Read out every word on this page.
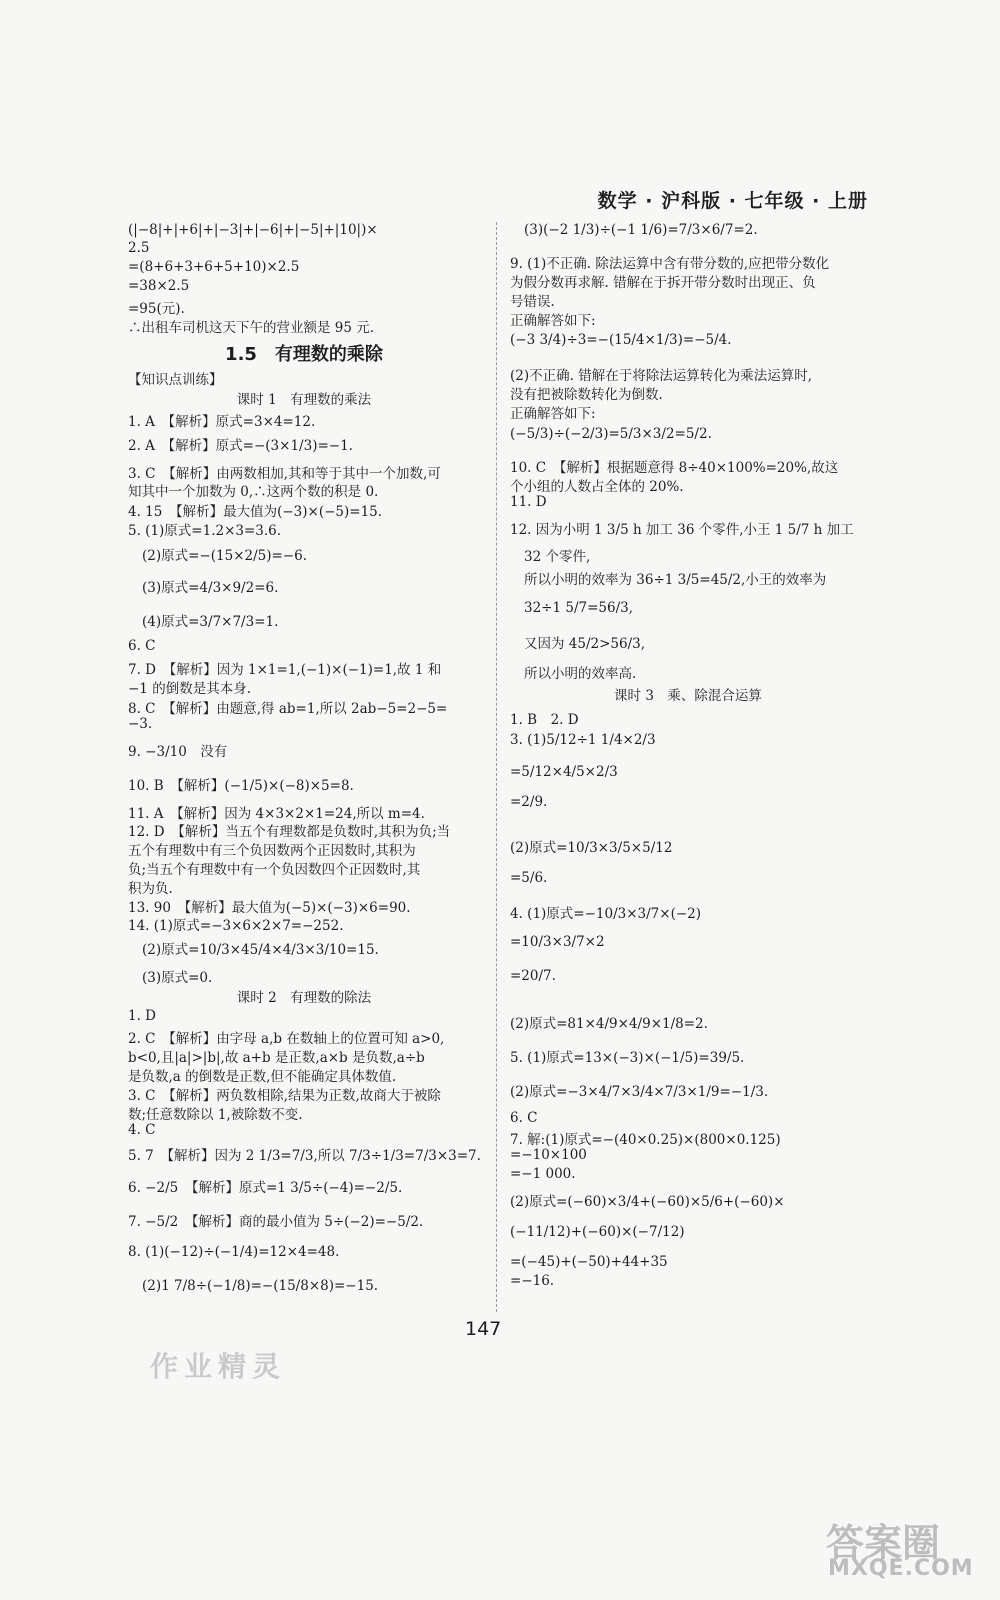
数学 · 沪科版 · 七年级 · 上册

(|−8|+|+6|+|−3|+|−6|+|−5|+|10|)×

2.5

=(8+6+3+6+5+10)×2.5

=38×2.5

=95(元).

∴出租车司机这天下午的营业额是 95 元.

1.5　有理数的乘除

【知识点训练】

课时 1　有理数的乘法

1. A　【解析】原式=3×4=12.

2. A　【解析】原式=−(3×1/3)=−1.

3. C　【解析】由两数相加,其和等于其中一个加数,可

知其中一个加数为 0,∴这两个数的积是 0.

4. 15　【解析】最大值为(−3)×(−5)=15.

5. (1)原式=1.2×3=3.6.

(2)原式=−(15×2/5)=−6.

(3)原式=4/3×9/2=6.

(4)原式=3/7×7/3=1.

6. C

7. D　【解析】因为 1×1=1,(−1)×(−1)=1,故 1 和

−1 的倒数是其本身.

8. C　【解析】由题意,得 ab=1,所以 2ab−5=2−5=

−3.

9. −3/10　没有

10. B　【解析】(−1/5)×(−8)×5=8.

11. A　【解析】因为 4×3×2×1=24,所以 m=4.

12. D　【解析】当五个有理数都是负数时,其积为负;当

五个有理数中有三个负因数两个正因数时,其积为

负;当五个有理数中有一个负因数四个正因数时,其

积为负.

13. 90　【解析】最大值为(−5)×(−3)×6=90.

14. (1)原式=−3×6×2×7=−252.

(2)原式=10/3×45/4×4/3×3/10=15.

(3)原式=0.

课时 2　有理数的除法

1. D

2. C　【解析】由字母 a,b 在数轴上的位置可知 a>0,

b<0,且|a|>|b|,故 a+b 是正数,a×b 是负数,a÷b

是负数,a 的倒数是正数,但不能确定具体数值.

3. C　【解析】两负数相除,结果为正数,故商大于被除

数;任意数除以 1,被除数不变.

4. C

5. 7　【解析】因为 2 1/3=7/3,所以 7/3÷1/3=7/3×3=7.

6. −2/5　【解析】原式=1 3/5÷(−4)=−2/5.

7. −5/2　【解析】商的最小值为 5÷(−2)=−5/2.

8. (1)(−12)÷(−1/4)=12×4=48.

(2)1 7/8÷(−1/8)=−(15/8×8)=−15.

(3)(−2 1/3)÷(−1 1/6)=7/3×6/7=2.

9. (1)不正确. 除法运算中含有带分数的,应把带分数化

为假分数再求解. 错解在于拆开带分数时出现正、负

号错误.

正确解答如下:

(−3 3/4)÷3=−(15/4×1/3)=−5/4.

(2)不正确. 错解在于将除法运算转化为乘法运算时,

没有把被除数转化为倒数.

正确解答如下:

(−5/3)÷(−2/3)=5/3×3/2=5/2.

10. C　【解析】根据题意得 8÷40×100%=20%,故这

个小组的人数占全体的 20%.

11. D

12. 因为小明 1 3/5 h 加工 36 个零件,小王 1 5/7 h 加工

32 个零件,

所以小明的效率为 36÷1 3/5=45/2,小王的效率为

32÷1 5/7=56/3,

又因为 45/2>56/3,

所以小明的效率高.

课时 3　乘、除混合运算

1. B　2. D

3. (1)5/12÷1 1/4×2/3

=5/12×4/5×2/3

=2/9.

(2)原式=10/3×3/5×5/12

=5/6.

4. (1)原式=−10/3×3/7×(−2)

=10/3×3/7×2

=20/7.

(2)原式=81×4/9×4/9×1/8=2.

5. (1)原式=13×(−3)×(−1/5)=39/5.

(2)原式=−3×4/7×3/4×7/3×1/9=−1/3.

6. C

7. 解:(1)原式=−(40×0.25)×(800×0.125)

=−10×100

=−1 000.

(2)原式=(−60)×3/4+(−60)×5/6+(−60)×

(−11/12)+(−60)×(−7/12)

=(−45)+(−50)+44+35

=−16.

147
作业精灵
答案圈
MXQE.COM
